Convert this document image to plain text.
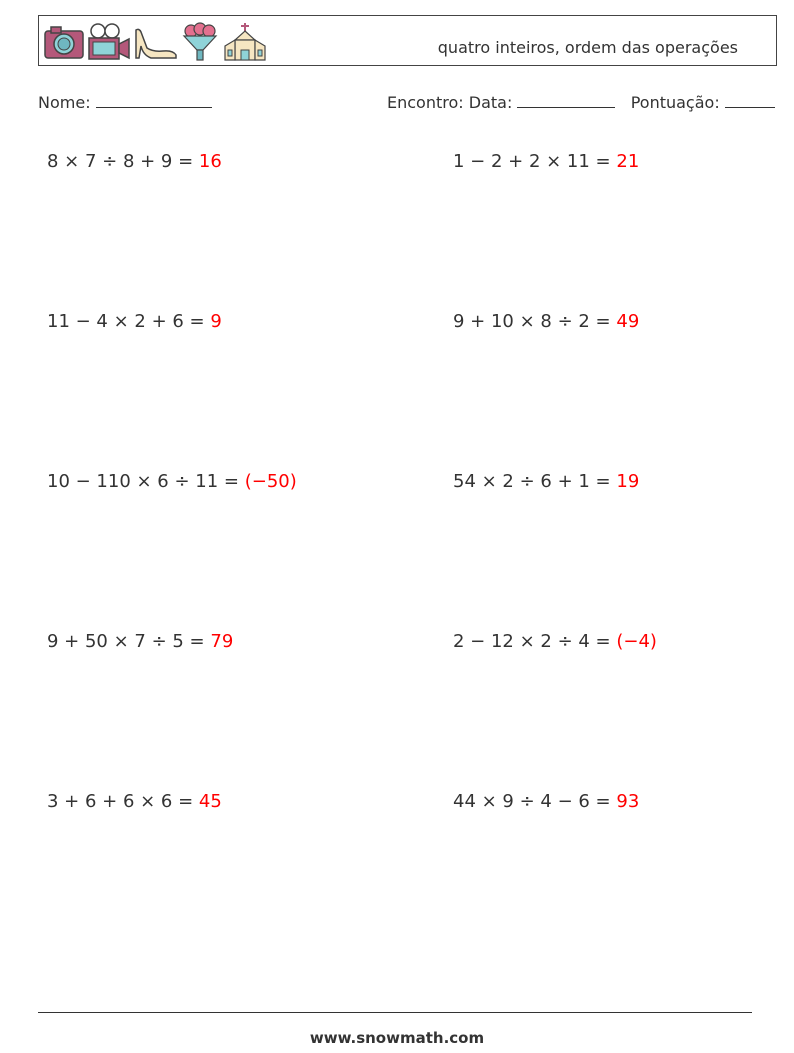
quatro inteiros, ordem das operações
Nome:	Encontro: Data:	Pontuação:
8 × 7 ÷ 8 + 9 = 16	1 − 2 + 2 × 11 = 21
11 − 4 × 2 + 6 = 9	9 + 10 × 8 ÷ 2 = 49
10 − 110 × 6 ÷ 11 = (−50)	54 × 2 ÷ 6 + 1 = 19
9 + 50 × 7 ÷ 5 = 79	2 − 12 × 2 ÷ 4 = (−4)
3 + 6 + 6 × 6 = 45	44 × 9 ÷ 4 − 6 = 93
www.snowmath.com
